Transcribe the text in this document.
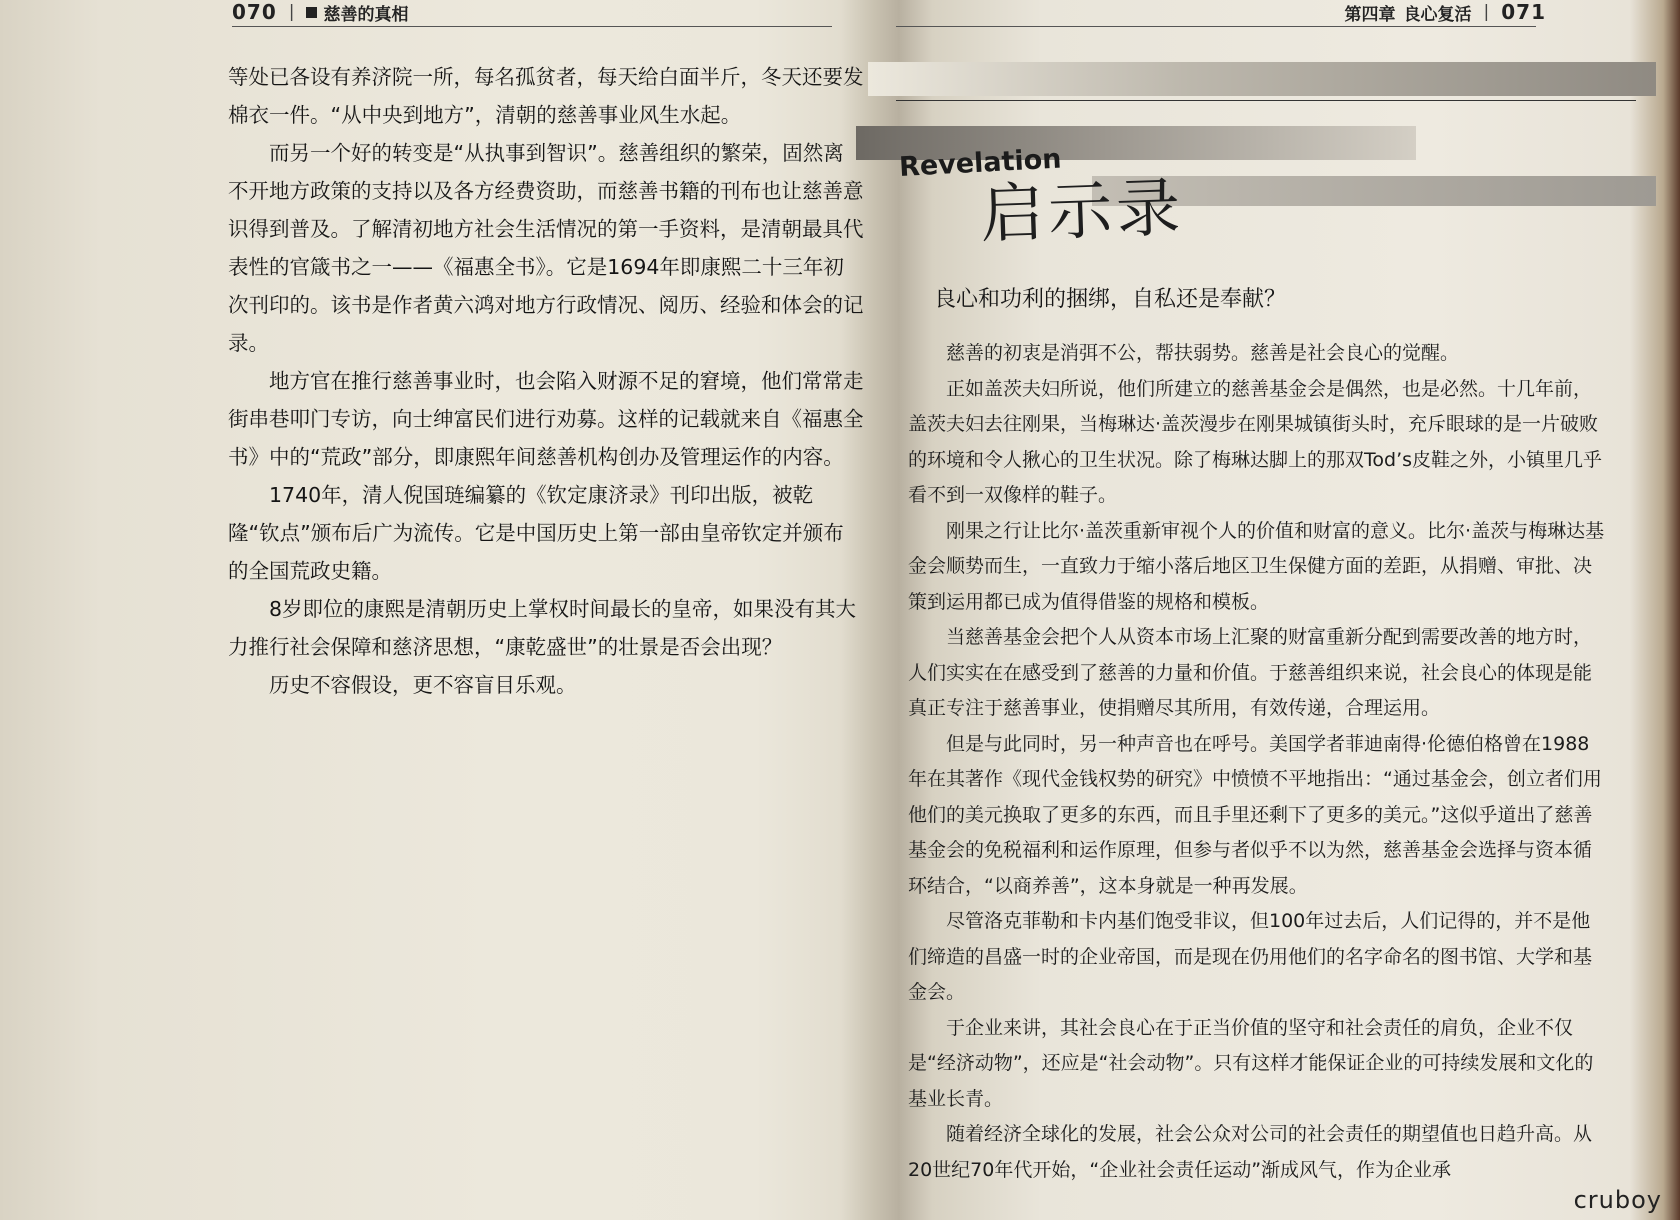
070 | 慈善的真相

等处已各设有养济院一所，每名孤贫者，每天给白面半斤，冬天还要发棉衣一件。“从中央到地方”，清朝的慈善事业风生水起。

而另一个好的转变是“从执事到智识”。慈善组织的繁荣，固然离不开地方政策的支持以及各方经费资助，而慈善书籍的刊布也让慈善意识得到普及。了解清初地方社会生活情况的第一手资料，是清朝最具代表性的官箴书之一——《福惠全书》。它是1694年即康熙二十三年初次刊印的。该书是作者黄六鸿对地方行政情况、阅历、经验和体会的记录。

地方官在推行慈善事业时，也会陷入财源不足的窘境，他们常常走街串巷叩门专访，向士绅富民们进行劝募。这样的记载就来自《福惠全书》中的“荒政”部分，即康熙年间慈善机构创办及管理运作的内容。

1740年，清人倪国琏编纂的《钦定康济录》刊印出版，被乾隆“钦点”颁布后广为流传。它是中国历史上第一部由皇帝钦定并颁布的全国荒政史籍。

8岁即位的康熙是清朝历史上掌权时间最长的皇帝，如果没有其大力推行社会保障和慈济思想，“康乾盛世”的壮景是否会出现？

历史不容假设，更不容盲目乐观。

第四章 良心复活 | 071
Revelation
启示录
良心和功利的捆绑，自私还是奉献？

慈善的初衷是消弭不公，帮扶弱势。慈善是社会良心的觉醒。

正如盖茨夫妇所说，他们所建立的慈善基金会是偶然，也是必然。十几年前，盖茨夫妇去往刚果，当梅琳达·盖茨漫步在刚果城镇街头时，充斥眼球的是一片破败的环境和令人揪心的卫生状况。除了梅琳达脚上的那双Tod’s皮鞋之外，小镇里几乎看不到一双像样的鞋子。

刚果之行让比尔·盖茨重新审视个人的价值和财富的意义。比尔·盖茨与梅琳达基金会顺势而生，一直致力于缩小落后地区卫生保健方面的差距，从捐赠、审批、决策到运用都已成为值得借鉴的规格和模板。

当慈善基金会把个人从资本市场上汇聚的财富重新分配到需要改善的地方时，人们实实在在感受到了慈善的力量和价值。于慈善组织来说，社会良心的体现是能真正专注于慈善事业，使捐赠尽其所用，有效传递，合理运用。

但是与此同时，另一种声音也在呼号。美国学者菲迪南得·伦德伯格曾在1988年在其著作《现代金钱权势的研究》中愤愤不平地指出：“通过基金会，创立者们用他们的美元换取了更多的东西，而且手里还剩下了更多的美元。”这似乎道出了慈善基金会的免税福利和运作原理，但参与者似乎不以为然，慈善基金会选择与资本循环结合，“以商养善”，这本身就是一种再发展。

尽管洛克菲勒和卡内基们饱受非议，但100年过去后，人们记得的，并不是他们缔造的昌盛一时的企业帝国，而是现在仍用他们的名字命名的图书馆、大学和基金会。

于企业来讲，其社会良心在于正当价值的坚守和社会责任的肩负，企业不仅是“经济动物”，还应是“社会动物”。只有这样才能保证企业的可持续发展和文化的基业长青。

随着经济全球化的发展，社会公众对公司的社会责任的期望值也日趋升高。从20世纪70年代开始，“企业社会责任运动”渐成风气，作为企业承

cruboy
